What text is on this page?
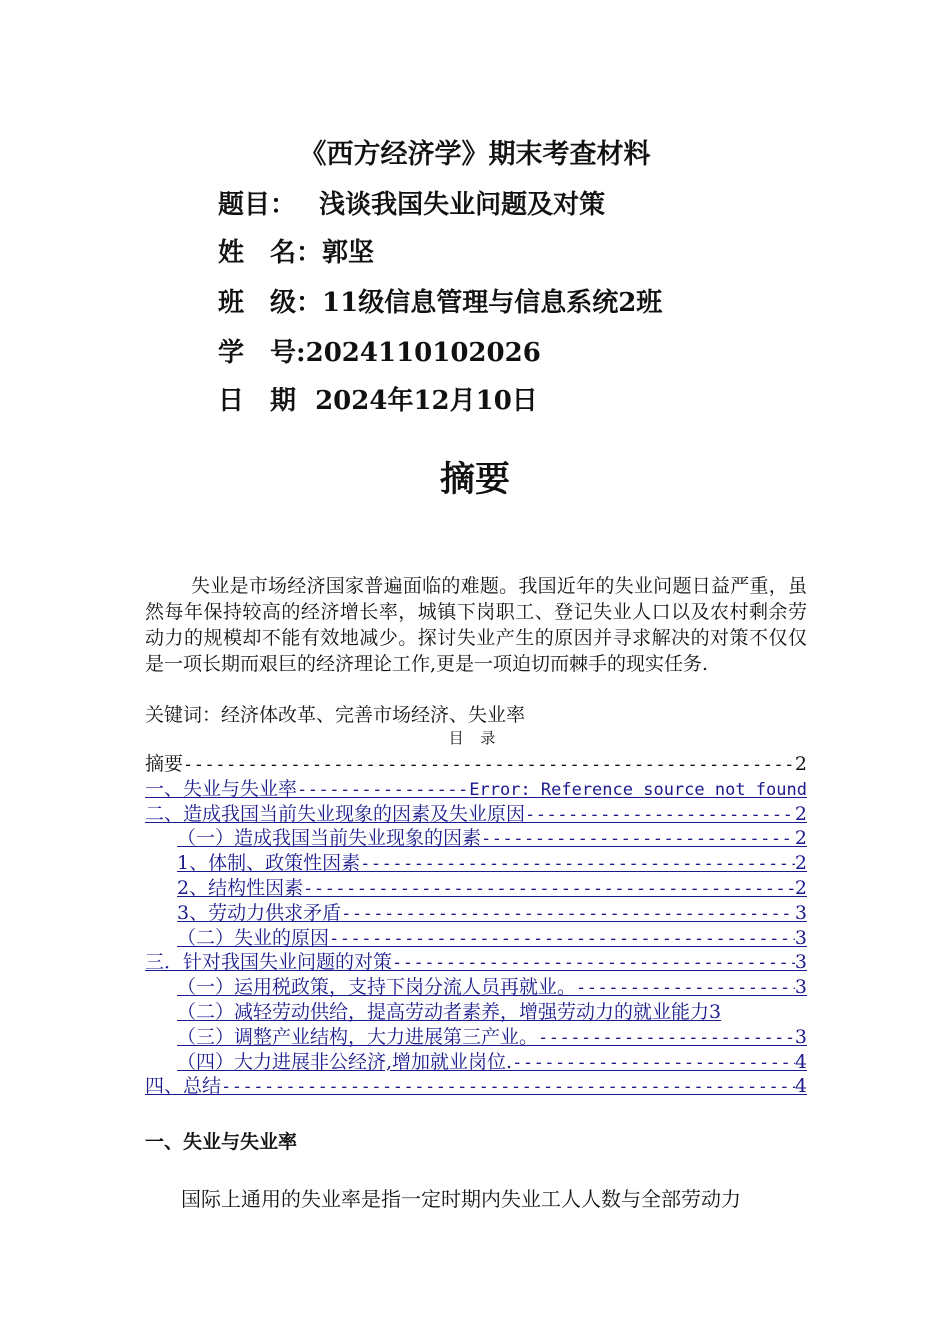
《西方经济学》期末考查材料
题目： 浅谈我国失业问题及对策
姓　名：郭坚
班　级：11级信息管理与信息系统2班
学　号:2024110102026
日　期 2024年12月10日
摘要
失业是市场经济国家普遍面临的难题。我国近年的失业问题日益严重，虽然每年保持较高的经济增长率，城镇下岗职工、登记失业人口以及农村剩余劳动力的规模却不能有效地减少。探讨失业产生的原因并寻求解决的对策不仅仅是一项长期而艰巨的经济理论工作,更是一项迫切而棘手的现实任务.
关键词：经济体改革、完善市场经济、失业率
目 录
摘要 -----	2
一、失业与失业率 -----	Error: Reference source not found
二、造成我国当前失业现象的因素及失业原因 -----	2
（一）造成我国当前失业现象的因素 -----	2
1、体制、政策性因素 -----	2
2、结构性因素 -----	2
3、劳动力供求矛盾 -----	3
（二）失业的原因 -----	3
三．针对我国失业问题的对策 -----	3
（一）运用税政策，支持下岗分流人员再就业。 -----	3
（二）减轻劳动供给，提高劳动者素养，增强劳动力的就业能力 3
（三）调整产业结构，大力进展第三产业。 -----	3
（四）大力进展非公经济,增加就业岗位. -----	4
四、总结 -----	4
一、失业与失业率
国际上通用的失业率是指一定时期内失业工人人数与全部劳动力
